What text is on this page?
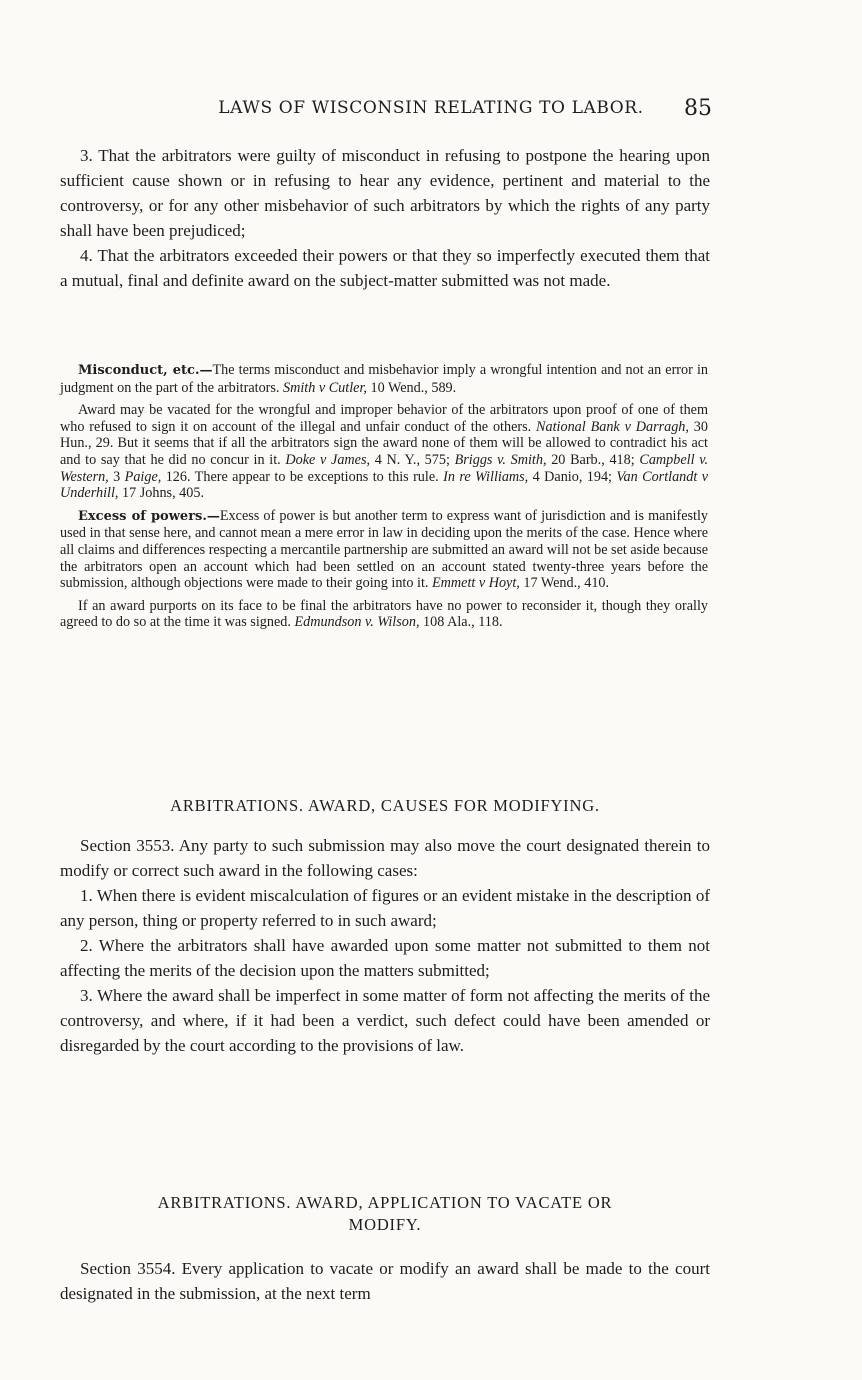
LAWS OF WISCONSIN RELATING TO LABOR.	85

3. That the arbitrators were guilty of misconduct in refusing to postpone the hearing upon sufficient cause shown or in refusing to hear any evidence, pertinent and material to the controversy, or for any other misbehavior of such arbitrators by which the rights of any party shall have been prejudiced;

4. That the arbitrators exceeded their powers or that they so imperfectly executed them that a mutual, final and definite award on the subject-matter submitted was not made.

Misconduct, etc.—The terms misconduct and misbehavior imply a wrongful intention and not an error in judgment on the part of the arbitrators. Smith v Cutler, 10 Wend., 589.

Award may be vacated for the wrongful and improper behavior of the arbitrators upon proof of one of them who refused to sign it on account of the illegal and unfair conduct of the others. National Bank v Darragh, 30 Hun., 29. But it seems that if all the arbitrators sign the award none of them will be allowed to contradict his act and to say that he did no concur in it. Doke v James, 4 N. Y., 575; Briggs v. Smith, 20 Barb., 418; Campbell v. Western, 3 Paige, 126. There appear to be exceptions to this rule. In re Williams, 4 Danio, 194; Van Cortlandt v Underhill, 17 Johns, 405.

Excess of powers.—Excess of power is but another term to express want of jurisdiction and is manifestly used in that sense here, and cannot mean a mere error in law in deciding upon the merits of the case. Hence where all claims and differences respecting a mercantile partnership are submitted an award will not be set aside because the arbitrators open an account which had been settled on an account stated twenty-three years before the submission, although objections were made to their going into it. Emmett v Hoyt, 17 Wend., 410.

If an award purports on its face to be final the arbitrators have no power to reconsider it, though they orally agreed to do so at the time it was signed. Edmundson v. Wilson, 108 Ala., 118.

ARBITRATIONS. AWARD, CAUSES FOR MODIFYING.

Section 3553. Any party to such submission may also move the court designated therein to modify or correct such award in the following cases:

1. When there is evident miscalculation of figures or an evident mistake in the description of any person, thing or property referred to in such award;

2. Where the arbitrators shall have awarded upon some matter not submitted to them not affecting the merits of the decision upon the matters submitted;

3. Where the award shall be imperfect in some matter of form not affecting the merits of the controversy, and where, if it had been a verdict, such defect could have been amended or disregarded by the court according to the provisions of law.

ARBITRATIONS. AWARD, APPLICATION TO VACATE OR MODIFY.

Section 3554. Every application to vacate or modify an award shall be made to the court designated in the submission, at the next term
